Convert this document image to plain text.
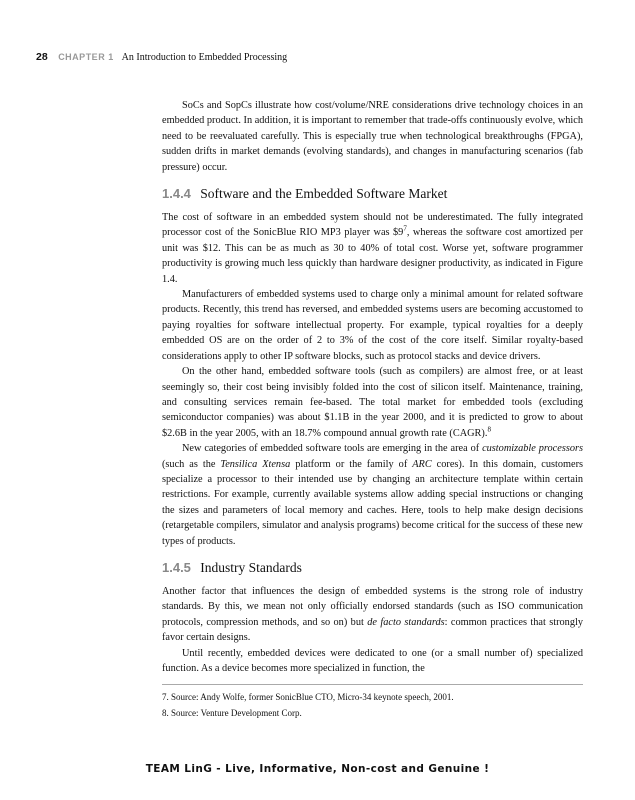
28 CHAPTER 1 An Introduction to Embedded Processing

SoCs and SopCs illustrate how cost/volume/NRE considerations drive technology choices in an embedded product. In addition, it is important to remember that trade-offs continuously evolve, which need to be reevaluated carefully. This is especially true when technological breakthroughs (FPGA), sudden drifts in market demands (evolving standards), and changes in manufacturing scenarios (fab pressure) occur.

1.4.4 Software and the Embedded Software Market

The cost of software in an embedded system should not be underestimated. The fully integrated processor cost of the SonicBlue RIO MP3 player was $\$9^7$, whereas the software cost amortized per unit was $12. This can be as much as 30 to 40% of total cost. Worse yet, software programmer productivity is growing much less quickly than hardware designer productivity, as indicated in Figure 1.4.

Manufacturers of embedded systems used to charge only a minimal amount for related software products. Recently, this trend has reversed, and embedded systems users are becoming accustomed to paying royalties for software intellectual property. For example, typical royalties for a deeply embedded OS are on the order of 2 to 3% of the cost of the core itself. Similar royalty-based considerations apply to other IP software blocks, such as protocol stacks and device drivers.

On the other hand, embedded software tools (such as compilers) are almost free, or at least seemingly so, their cost being invisibly folded into the cost of silicon itself. Maintenance, training, and consulting services remain fee-based. The total market for embedded tools (excluding semiconductor companies) was about $1.1B in the year 2000, and it is predicted to grow to about $2.6B in the year 2005, with an 18.7% compound annual growth rate (CAGR).$^8$

New categories of embedded software tools are emerging in the area of customizable processors (such as the Tensilica Xtensa platform or the family of ARC cores). In this domain, customers specialize a processor to their intended use by changing an architecture template within certain restrictions. For example, currently available systems allow adding special instructions or changing the sizes and parameters of local memory and caches. Here, tools to help make design decisions (retargetable compilers, simulator and analysis programs) become critical for the success of these new types of products.

1.4.5 Industry Standards

Another factor that influences the design of embedded systems is the strong role of industry standards. By this, we mean not only officially endorsed standards (such as ISO communication protocols, compression methods, and so on) but de facto standards: common practices that strongly favor certain designs.

Until recently, embedded devices were dedicated to one (or a small number of) specialized function. As a device becomes more specialized in function, the

7. Source: Andy Wolfe, former SonicBlue CTO, Micro-34 keynote speech, 2001.
8. Source: Venture Development Corp.
TEAM LinG - Live, Informative, Non-cost and Genuine !
